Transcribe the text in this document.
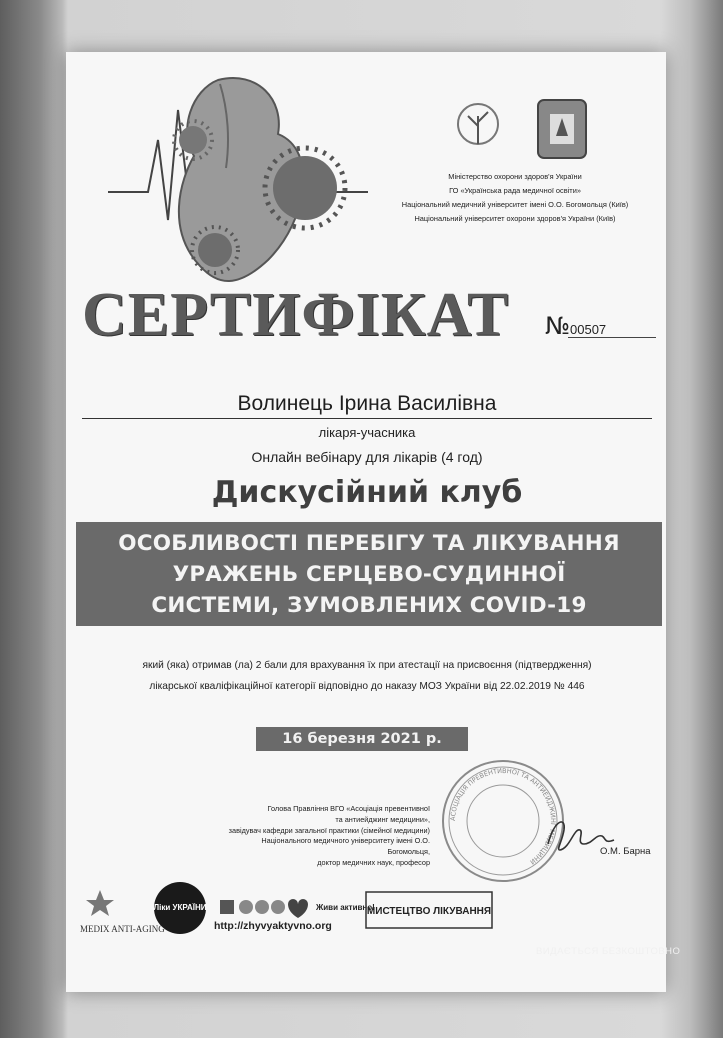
Міністерство охорони здоров'я України
ГО «Українська рада медичної освіти»
Національний медичний університет імені О.О. Богомольця (Київ)
Національний університет охорони здоров'я України (Київ)
СЕРТИФІКАТ	№ 00507
Волинець Ірина Василівна
лікаря-учасника
Онлайн вебінару для лікарів (4 год)
Дискусійний клуб
ОСОБЛИВОСТІ ПЕРЕБІГУ ТА ЛІКУВАННЯ
УРАЖЕНЬ СЕРЦЕВО-СУДИННОЇ
СИСТЕМИ, ЗУМОВЛЕНИХ COVID-19
який (яка) отримав (ла) 2 бали для врахування їх при атестації на присвоєння (підтвердження)
лікарської кваліфікаційної категорії відповідно до наказу МОЗ України від 22.02.2019 № 446
16 березня 2021 р.
АСОЦІАЦІЯ ПРЕВЕНТИВНОЇ ТА АНТИЕЙДЖИНГ МЕДИЦИНИ
Голова Правління ВГО «Асоціація превентивної
та антиейджинг медицини»,
завідувач кафедри загальної практики (сімейної медицини)
Національного медичного університету імені О.О. Богомольця,
доктор медичних наук, професор
О.М. Барна
MEDIX ANTI-AGING
Ліки УКРАЇНИ	Живи активно!
МИСТЕЦТВО ЛІКУВАННЯ
http://zhyvyaktyvno.org
ВИДАЄТЬСЯ БЕЗКОШТОВНО
